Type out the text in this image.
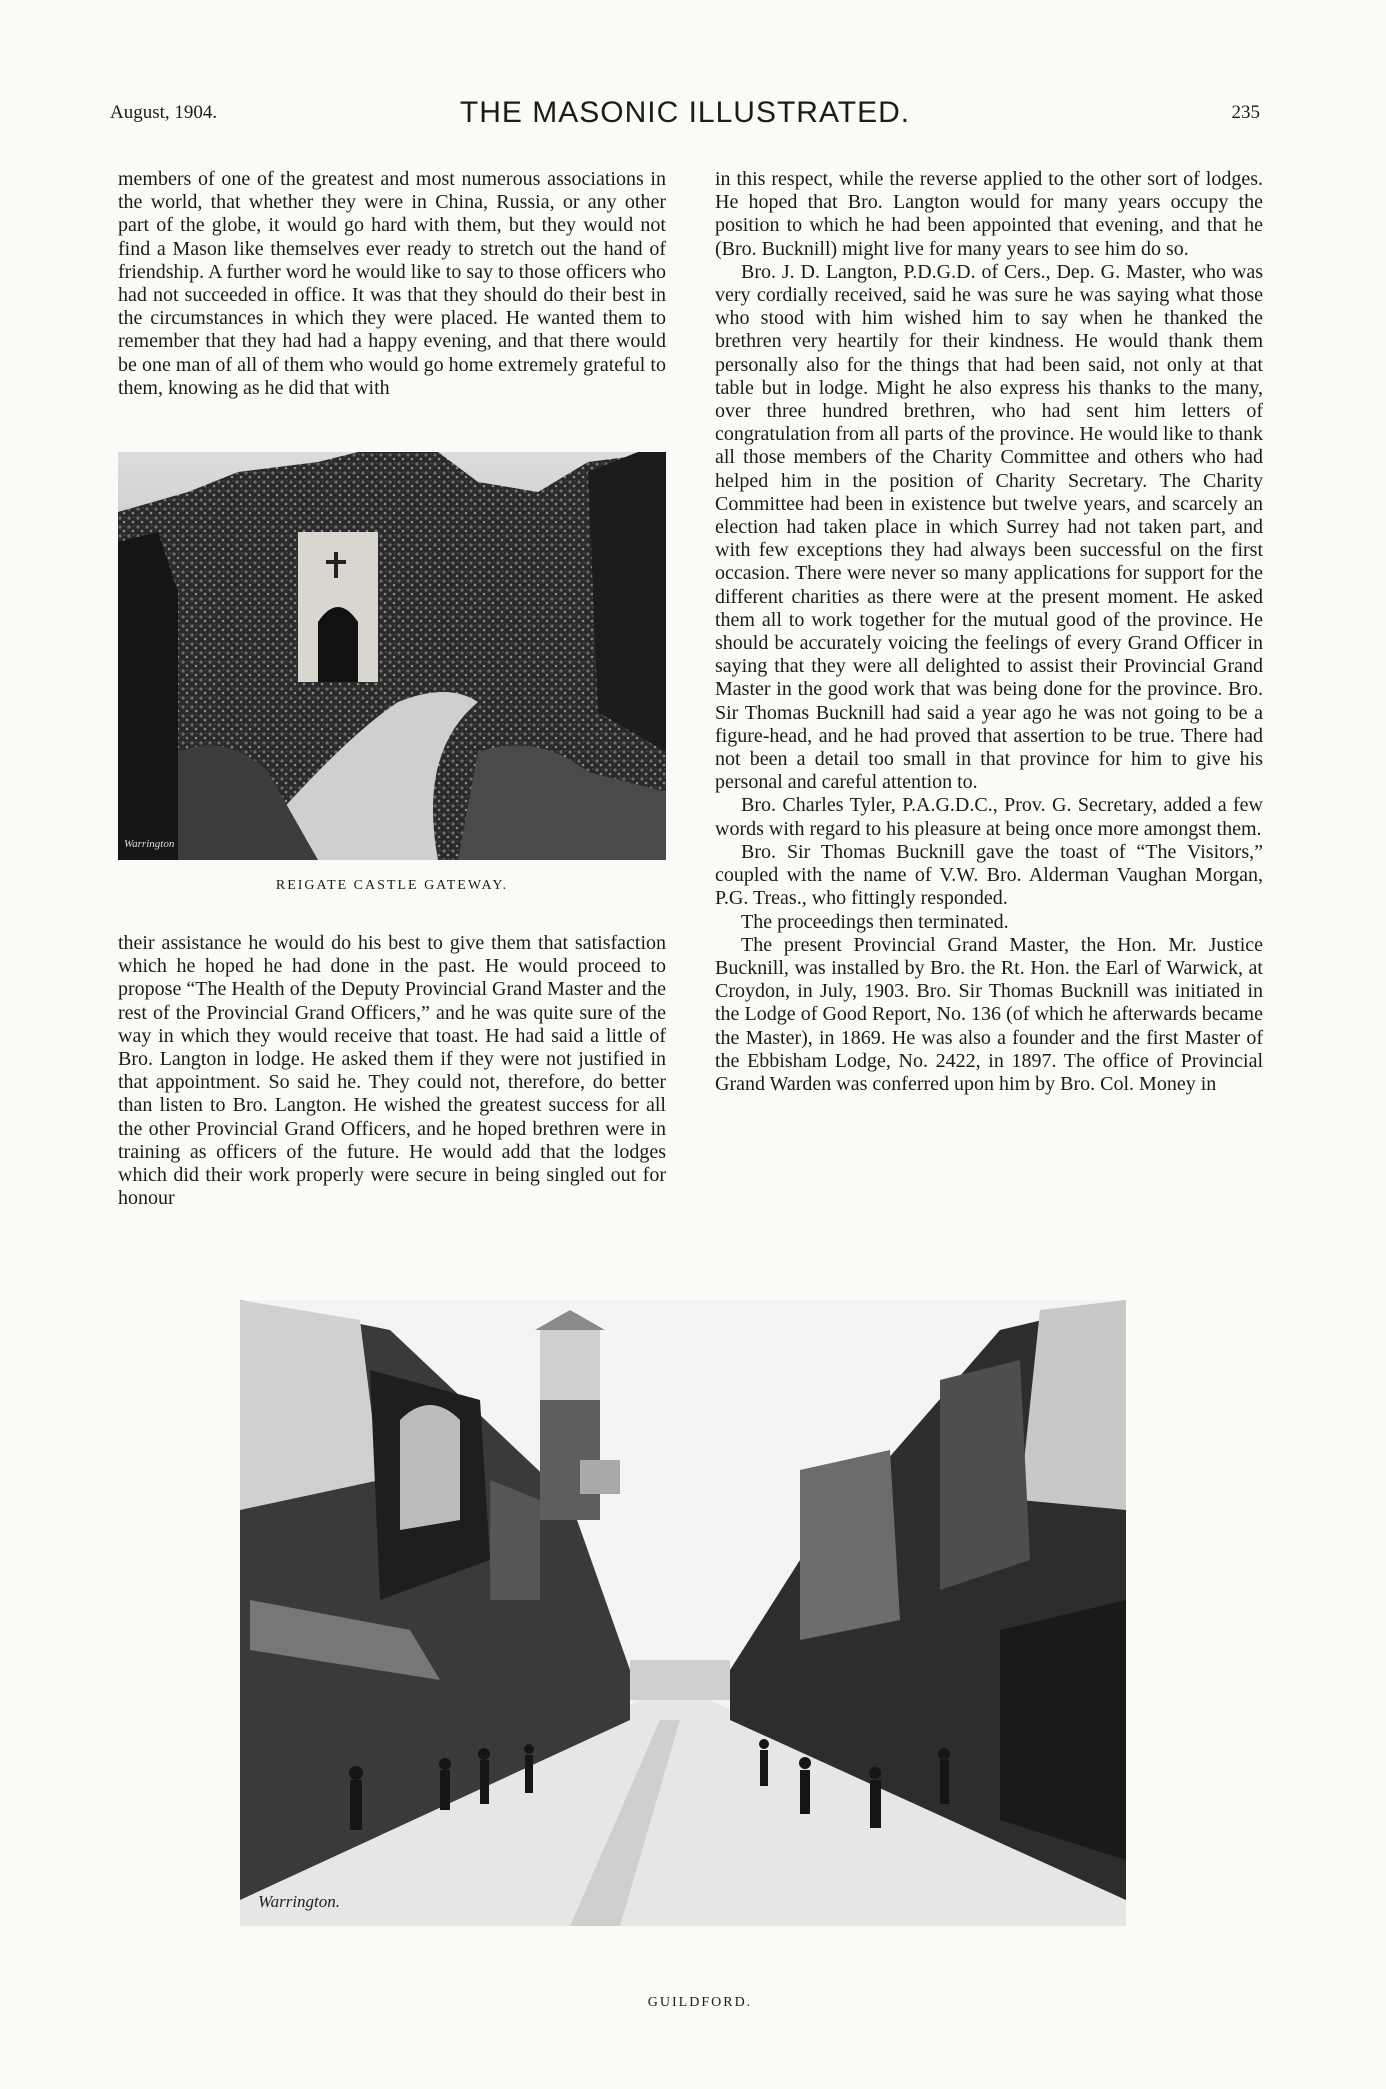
August, 1904.	THE MASONIC ILLUSTRATED.	235

members of one of the greatest and most numerous associations in the world, that whether they were in China, Russia, or any other part of the globe, it would go hard with them, but they would not find a Mason like themselves ever ready to stretch out the hand of friendship. A further word he would like to say to those officers who had not succeeded in office. It was that they should do their best in the circumstances in which they were placed. He wanted them to remember that they had had a happy evening, and that there would be one man of all of them who would go home extremely grateful to them, knowing as he did that with

Warrington
REIGATE CASTLE GATEWAY.

their assistance he would do his best to give them that satisfaction which he hoped he had done in the past. He would proceed to propose “The Health of the Deputy Provincial Grand Master and the rest of the Provincial Grand Officers,” and he was quite sure of the way in which they would receive that toast. He had said a little of Bro. Langton in lodge. He asked them if they were not justified in that appointment. So said he. They could not, therefore, do better than listen to Bro. Langton. He wished the greatest success for all the other Provincial Grand Officers, and he hoped brethren were in training as officers of the future. He would add that the lodges which did their work properly were secure in being singled out for honour

in this respect, while the reverse applied to the other sort of lodges. He hoped that Bro. Langton would for many years occupy the position to which he had been appointed that evening, and that he (Bro. Bucknill) might live for many years to see him do so.

Bro. J. D. Langton, P.D.G.D. of Cers., Dep. G. Master, who was very cordially received, said he was sure he was saying what those who stood with him wished him to say when he thanked the brethren very heartily for their kindness. He would thank them personally also for the things that had been said, not only at that table but in lodge. Might he also express his thanks to the many, over three hundred brethren, who had sent him letters of congratulation from all parts of the province. He would like to thank all those members of the Charity Committee and others who had helped him in the position of Charity Secretary. The Charity Committee had been in existence but twelve years, and scarcely an election had taken place in which Surrey had not taken part, and with few exceptions they had always been successful on the first occasion. There were never so many applications for support for the different charities as there were at the present moment. He asked them all to work together for the mutual good of the province. He should be accurately voicing the feelings of every Grand Officer in saying that they were all delighted to assist their Provincial Grand Master in the good work that was being done for the province. Bro. Sir Thomas Bucknill had said a year ago he was not going to be a figure-head, and he had proved that assertion to be true. There had not been a detail too small in that province for him to give his personal and careful attention to.

Bro. Charles Tyler, P.A.G.D.C., Prov. G. Secretary, added a few words with regard to his pleasure at being once more amongst them.

Bro. Sir Thomas Bucknill gave the toast of “The Visitors,” coupled with the name of V.W. Bro. Alderman Vaughan Morgan, P.G. Treas., who fittingly responded.

The proceedings then terminated.

The present Provincial Grand Master, the Hon. Mr. Justice Bucknill, was installed by Bro. the Rt. Hon. the Earl of Warwick, at Croydon, in July, 1903. Bro. Sir Thomas Bucknill was initiated in the Lodge of Good Report, No. 136 (of which he afterwards became the Master), in 1869. He was also a founder and the first Master of the Ebbisham Lodge, No. 2422, in 1897. The office of Provincial Grand Warden was conferred upon him by Bro. Col. Money in

Warrington.
GUILDFORD.
